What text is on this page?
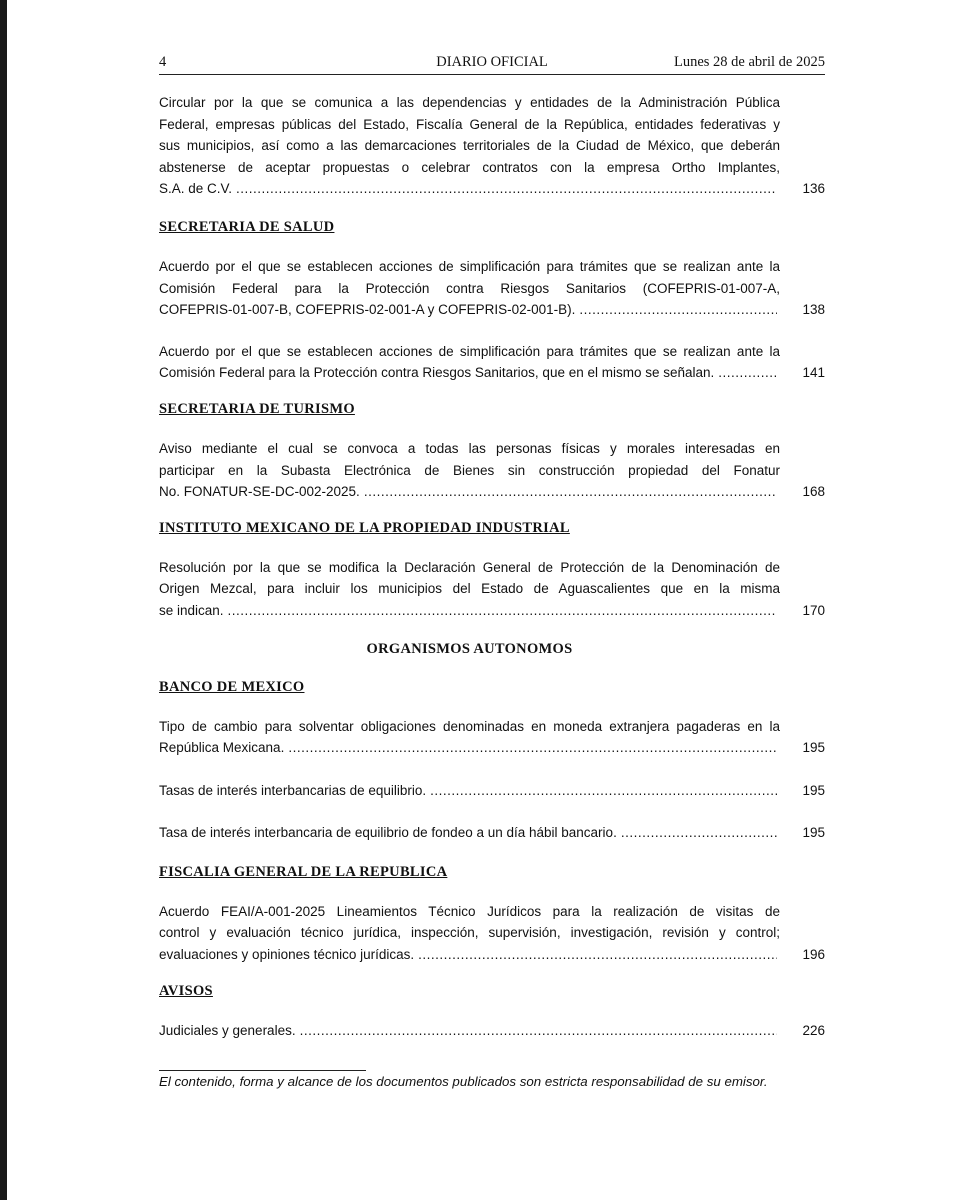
4	DIARIO OFICIAL	Lunes 28 de abril de 2025
Circular por la que se comunica a las dependencias y entidades de la Administración Pública
Federal, empresas públicas del Estado, Fiscalía General de la República, entidades federativas y
sus municipios, así como a las demarcaciones territoriales de la Ciudad de México, que deberán
abstenerse de aceptar propuestas o celebrar contratos con la empresa Ortho Implantes,
S.A. de C.V. .....	136
SECRETARIA DE SALUD
Acuerdo por el que se establecen acciones de simplificación para trámites que se realizan ante la
Comisión Federal para la Protección contra Riesgos Sanitarios (COFEPRIS-01-007-A,
COFEPRIS-01-007-B, COFEPRIS-02-001-A y COFEPRIS-02-001-B). .....	138
Acuerdo por el que se establecen acciones de simplificación para trámites que se realizan ante la
Comisión Federal para la Protección contra Riesgos Sanitarios, que en el mismo se señalan. .....	141
SECRETARIA DE TURISMO
Aviso mediante el cual se convoca a todas las personas físicas y morales interesadas en
participar en la Subasta Electrónica de Bienes sin construcción propiedad del Fonatur
No. FONATUR-SE-DC-002-2025. .....	168
INSTITUTO MEXICANO DE LA PROPIEDAD INDUSTRIAL
Resolución por la que se modifica la Declaración General de Protección de la Denominación de
Origen Mezcal, para incluir los municipios del Estado de Aguascalientes que en la misma
se indican. .....	170
ORGANISMOS AUTONOMOS
BANCO DE MEXICO
Tipo de cambio para solventar obligaciones denominadas en moneda extranjera pagaderas en la
República Mexicana. .....	195
Tasas de interés interbancarias de equilibrio. .....	195
Tasa de interés interbancaria de equilibrio de fondeo a un día hábil bancario. .....	195
FISCALIA GENERAL DE LA REPUBLICA
Acuerdo FEAI/A-001-2025 Lineamientos Técnico Jurídicos para la realización de visitas de
control y evaluación técnico jurídica, inspección, supervisión, investigación, revisión y control;
evaluaciones y opiniones técnico jurídicas. .....	196
AVISOS
Judiciales y generales. .....	226
El contenido, forma y alcance de los documentos publicados son estricta responsabilidad de su emisor.
